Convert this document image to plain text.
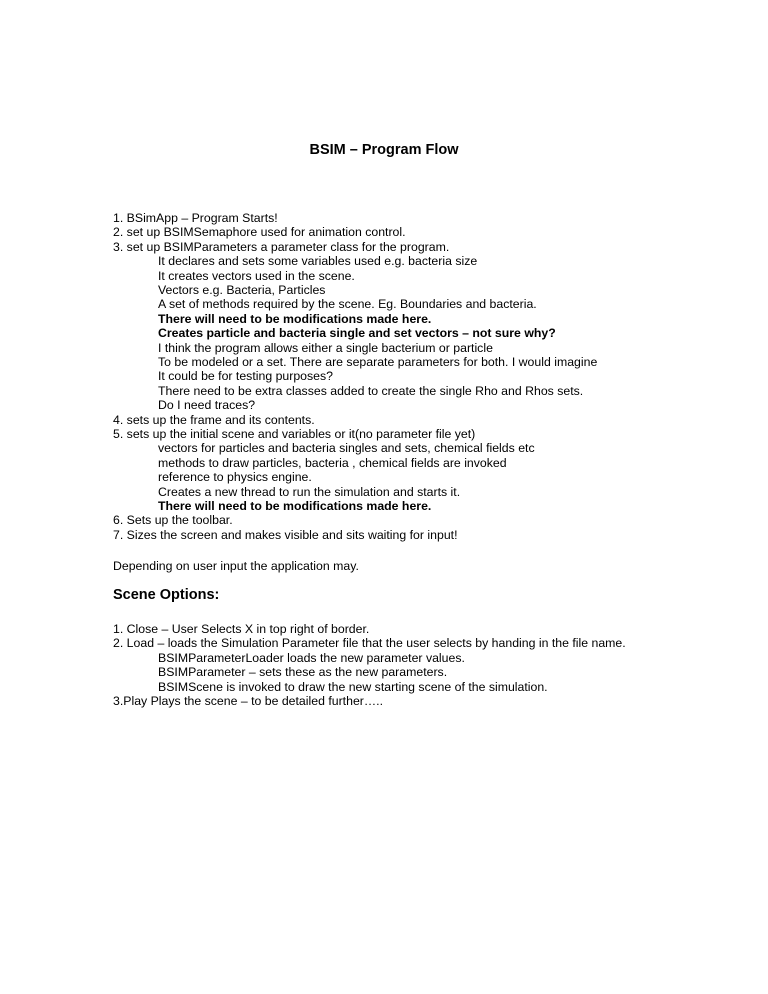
BSIM – Program Flow
1. BSimApp – Program Starts!
2. set up BSIMSemaphore used for animation control.
3. set up BSIMParameters a parameter class for the program.
It declares and sets some variables used e.g. bacteria size
It creates vectors used in the scene.
Vectors e.g. Bacteria, Particles
A set of methods required by the scene. Eg. Boundaries and bacteria.
There will need to be modifications made here.
Creates particle and bacteria single and set vectors – not sure why?
I think the program allows either a single bacterium or particle
To be modeled or a set. There are separate parameters for both. I would imagine
It could be for testing purposes?
There need to be extra classes added to create the single Rho and Rhos sets.
Do I need traces?
4. sets up the frame and its contents.
5. sets up the initial scene and variables or it(no parameter file yet)
vectors for particles and bacteria singles and sets, chemical fields etc
methods to draw particles, bacteria , chemical fields are invoked
reference to physics engine.
Creates a new thread to run the simulation and starts it.
There will need to be modifications made here.
6. Sets up the toolbar.
7. Sizes the screen and makes visible and sits waiting for input!
Depending on user input the application may.
Scene Options:
1. Close – User Selects X in top right of border.
2. Load – loads the Simulation Parameter file that the user selects by handing in the file name.
BSIMParameterLoader loads the new parameter values.
BSIMParameter – sets these as the new parameters.
BSIMScene is invoked to draw the new starting scene of the simulation.
3.Play Plays the scene – to be detailed further…..
